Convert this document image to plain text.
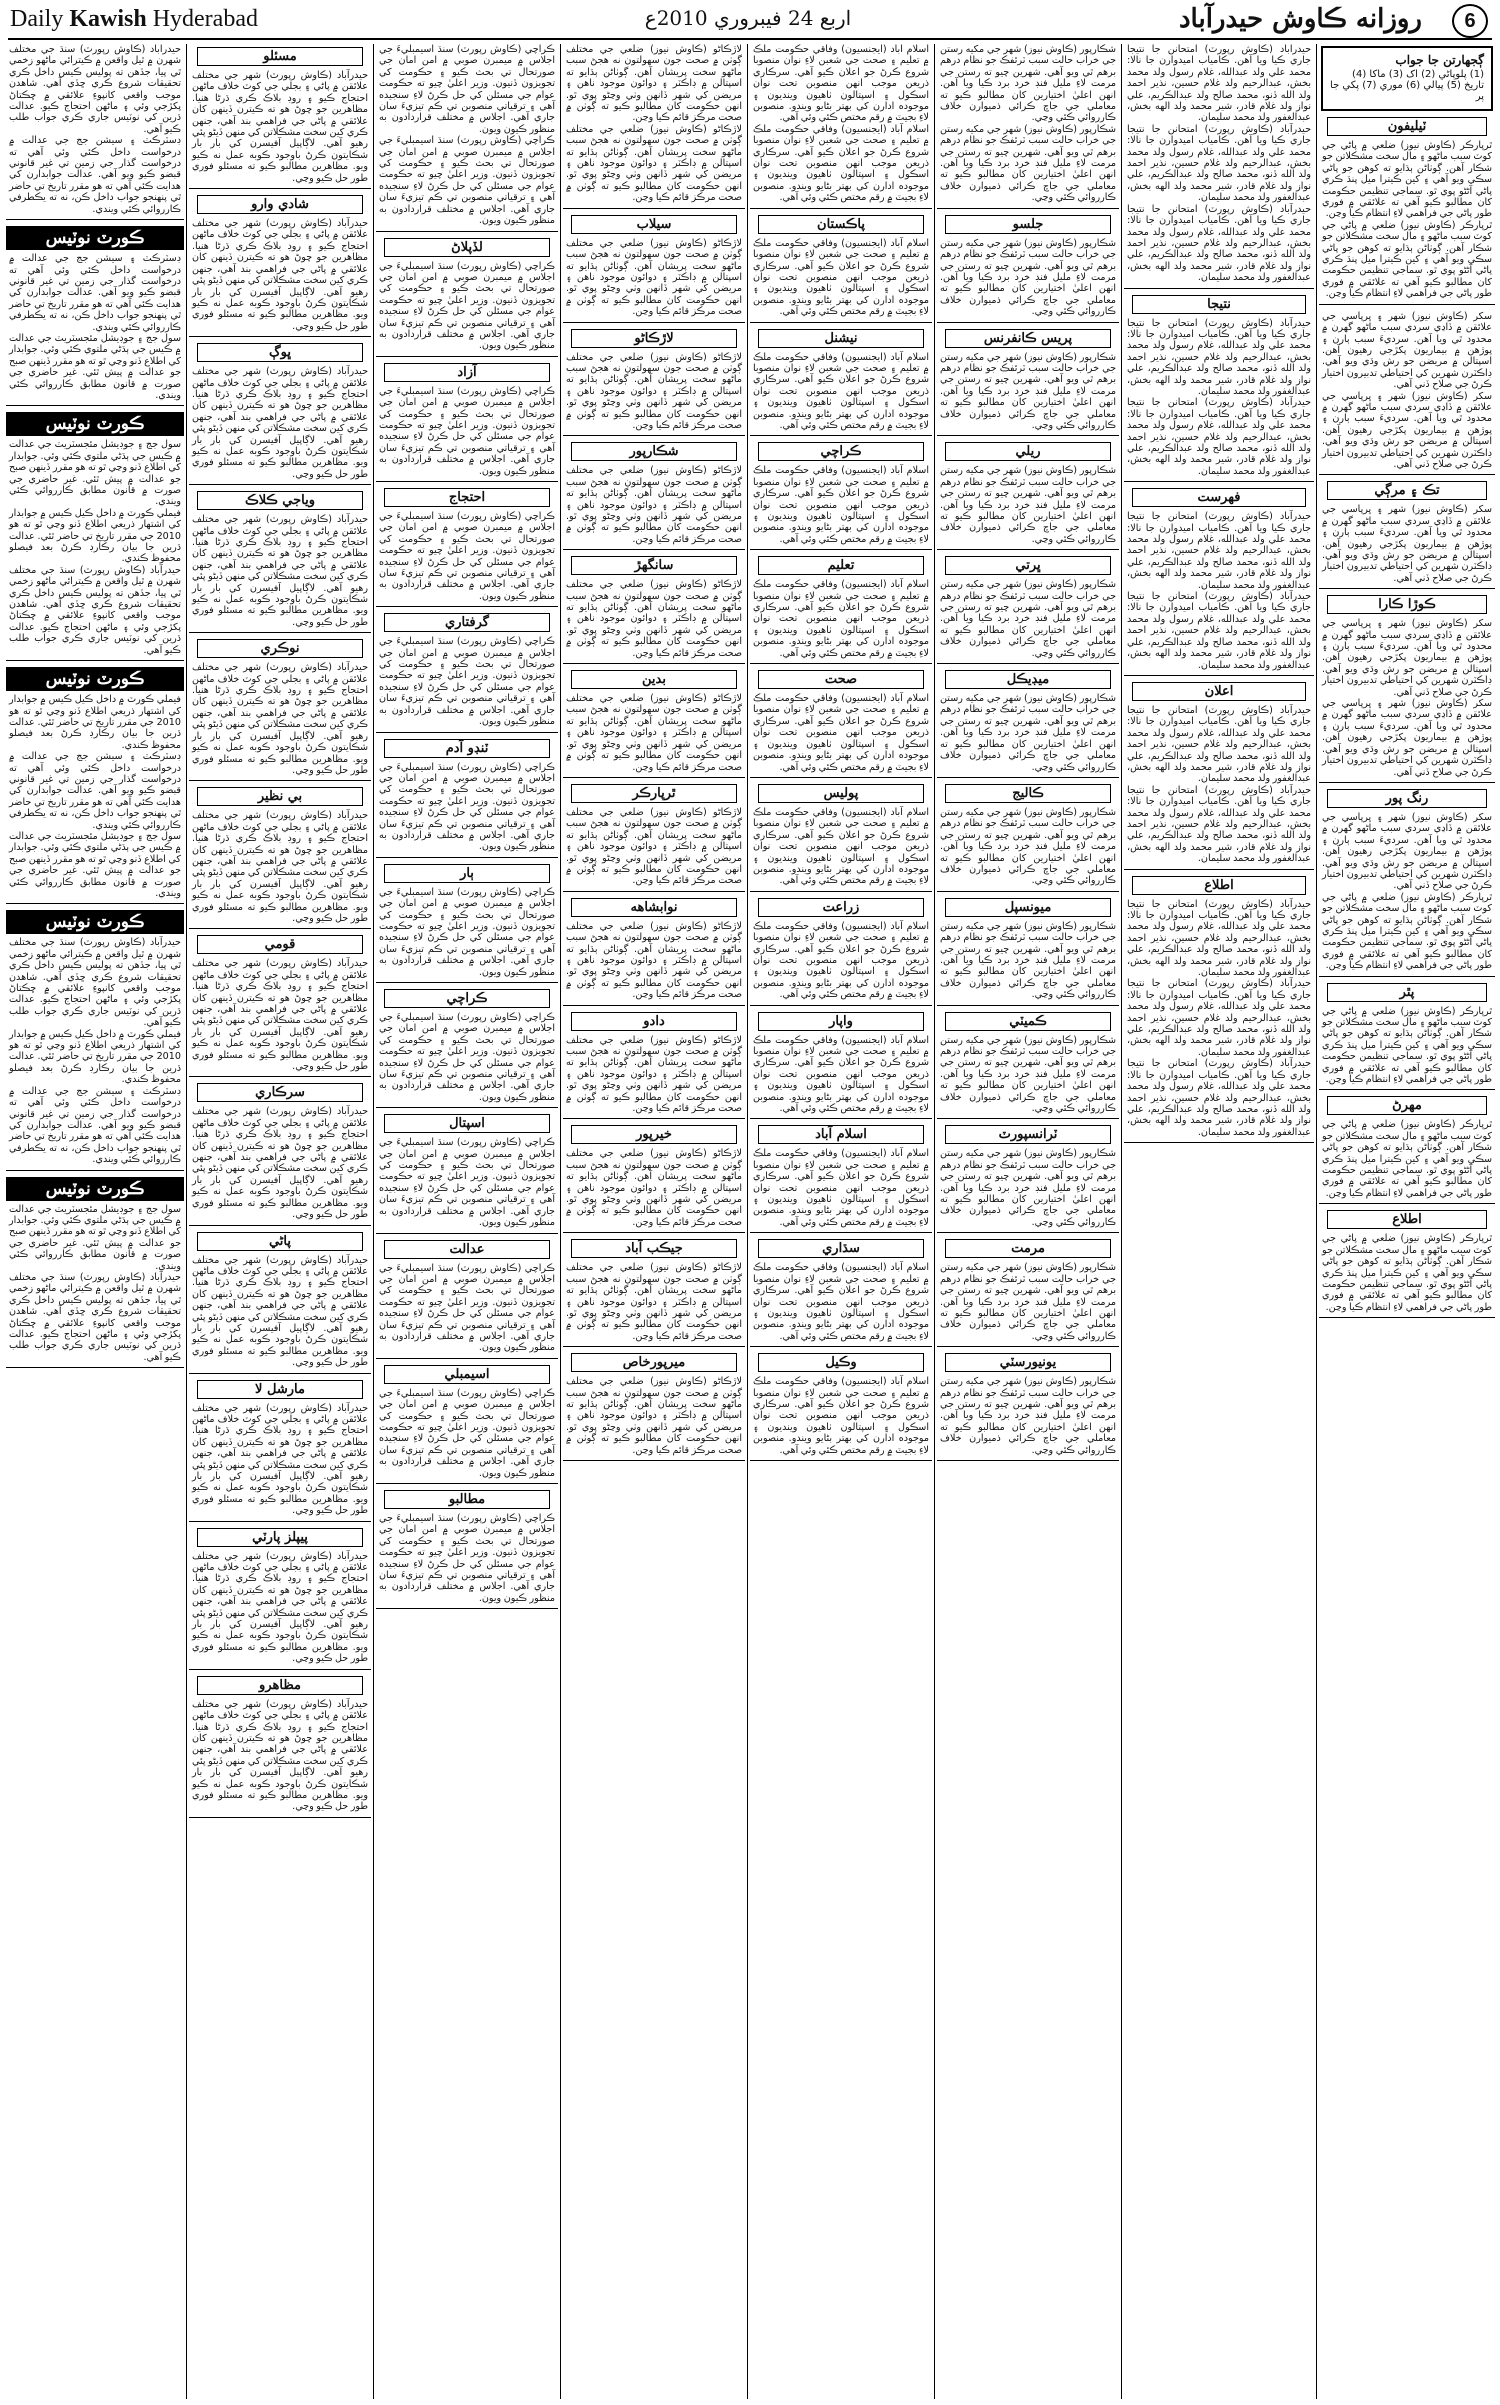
Daily Kawish Hyderabad	اربع 24 فيبروري 2010ع	روزانه ڪاوش حيدرآباد	6
حيدرآباد (ڪاوش رپورٽ) سنڌ جي مختلف شهرن ۾ ٿيل واقعن ۾ ڪيترائي ماڻهو زخمي ٿي پيا، جڏهن ته پوليس ڪيس داخل ڪري تحقيقات شروع ڪري ڇڏي آهي. شاهدن موجب واقعي کانپوءِ علائقي ۾ ڇڪتاڻ پکڙجي وئي ۽ ماڻهن احتجاج ڪيو. عدالت ڌرين کي نوٽيس جاري ڪري جواب طلب ڪيو آهي.
ڊسٽرڪٽ ۽ سيشن جج جي عدالت ۾ درخواست داخل ڪئي وئي آهي ته درخواست گذار جي زمين تي غير قانوني قبضو ڪيو ويو آهي. عدالت جوابدارن کي هدايت ڪئي آهي ته هو مقرر تاريخ تي حاضر ٿي پنهنجو جواب داخل ڪن، نه ته يڪطرفي ڪارروائي ڪئي ويندي.
ڪورٽ نوٽيس
ڊسٽرڪٽ ۽ سيشن جج جي عدالت ۾ درخواست داخل ڪئي وئي آهي ته درخواست گذار جي زمين تي غير قانوني قبضو ڪيو ويو آهي. عدالت جوابدارن کي هدايت ڪئي آهي ته هو مقرر تاريخ تي حاضر ٿي پنهنجو جواب داخل ڪن، نه ته يڪطرفي ڪارروائي ڪئي ويندي.
سول جج ۽ جوڊيشل مئجسٽريٽ جي عدالت ۾ ڪيس جي ٻڌڻي ملتوي ڪئي وئي. جوابدار کي اطلاع ڏنو وڃي ٿو ته هو مقرر ڏينهن صبح جو عدالت ۾ پيش ٿئي. غير حاضري جي صورت ۾ قانون مطابق ڪارروائي ڪئي ويندي.
ڪورٽ نوٽيس
سول جج ۽ جوڊيشل مئجسٽريٽ جي عدالت ۾ ڪيس جي ٻڌڻي ملتوي ڪئي وئي. جوابدار کي اطلاع ڏنو وڃي ٿو ته هو مقرر ڏينهن صبح جو عدالت ۾ پيش ٿئي. غير حاضري جي صورت ۾ قانون مطابق ڪارروائي ڪئي ويندي.
فيملي ڪورٽ ۾ داخل ڪيل ڪيس ۾ جوابدار کي اشتهار ذريعي اطلاع ڏنو وڃي ٿو ته هو 2010 جي مقرر تاريخ تي حاضر ٿئي. عدالت ڌرين جا بيان رڪارڊ ڪرڻ بعد فيصلو محفوظ ڪندي.
حيدرآباد (ڪاوش رپورٽ) سنڌ جي مختلف شهرن ۾ ٿيل واقعن ۾ ڪيترائي ماڻهو زخمي ٿي پيا، جڏهن ته پوليس ڪيس داخل ڪري تحقيقات شروع ڪري ڇڏي آهي. شاهدن موجب واقعي کانپوءِ علائقي ۾ ڇڪتاڻ پکڙجي وئي ۽ ماڻهن احتجاج ڪيو. عدالت ڌرين کي نوٽيس جاري ڪري جواب طلب ڪيو آهي.
ڪورٽ نوٽيس
فيملي ڪورٽ ۾ داخل ڪيل ڪيس ۾ جوابدار کي اشتهار ذريعي اطلاع ڏنو وڃي ٿو ته هو 2010 جي مقرر تاريخ تي حاضر ٿئي. عدالت ڌرين جا بيان رڪارڊ ڪرڻ بعد فيصلو محفوظ ڪندي.
ڊسٽرڪٽ ۽ سيشن جج جي عدالت ۾ درخواست داخل ڪئي وئي آهي ته درخواست گذار جي زمين تي غير قانوني قبضو ڪيو ويو آهي. عدالت جوابدارن کي هدايت ڪئي آهي ته هو مقرر تاريخ تي حاضر ٿي پنهنجو جواب داخل ڪن، نه ته يڪطرفي ڪارروائي ڪئي ويندي.
سول جج ۽ جوڊيشل مئجسٽريٽ جي عدالت ۾ ڪيس جي ٻڌڻي ملتوي ڪئي وئي. جوابدار کي اطلاع ڏنو وڃي ٿو ته هو مقرر ڏينهن صبح جو عدالت ۾ پيش ٿئي. غير حاضري جي صورت ۾ قانون مطابق ڪارروائي ڪئي ويندي.
ڪورٽ نوٽيس
حيدرآباد (ڪاوش رپورٽ) سنڌ جي مختلف شهرن ۾ ٿيل واقعن ۾ ڪيترائي ماڻهو زخمي ٿي پيا، جڏهن ته پوليس ڪيس داخل ڪري تحقيقات شروع ڪري ڇڏي آهي. شاهدن موجب واقعي کانپوءِ علائقي ۾ ڇڪتاڻ پکڙجي وئي ۽ ماڻهن احتجاج ڪيو. عدالت ڌرين کي نوٽيس جاري ڪري جواب طلب ڪيو آهي.
فيملي ڪورٽ ۾ داخل ڪيل ڪيس ۾ جوابدار کي اشتهار ذريعي اطلاع ڏنو وڃي ٿو ته هو 2010 جي مقرر تاريخ تي حاضر ٿئي. عدالت ڌرين جا بيان رڪارڊ ڪرڻ بعد فيصلو محفوظ ڪندي.
ڊسٽرڪٽ ۽ سيشن جج جي عدالت ۾ درخواست داخل ڪئي وئي آهي ته درخواست گذار جي زمين تي غير قانوني قبضو ڪيو ويو آهي. عدالت جوابدارن کي هدايت ڪئي آهي ته هو مقرر تاريخ تي حاضر ٿي پنهنجو جواب داخل ڪن، نه ته يڪطرفي ڪارروائي ڪئي ويندي.
ڪورٽ نوٽيس
سول جج ۽ جوڊيشل مئجسٽريٽ جي عدالت ۾ ڪيس جي ٻڌڻي ملتوي ڪئي وئي. جوابدار کي اطلاع ڏنو وڃي ٿو ته هو مقرر ڏينهن صبح جو عدالت ۾ پيش ٿئي. غير حاضري جي صورت ۾ قانون مطابق ڪارروائي ڪئي ويندي.
حيدرآباد (ڪاوش رپورٽ) سنڌ جي مختلف شهرن ۾ ٿيل واقعن ۾ ڪيترائي ماڻهو زخمي ٿي پيا، جڏهن ته پوليس ڪيس داخل ڪري تحقيقات شروع ڪري ڇڏي آهي. شاهدن موجب واقعي کانپوءِ علائقي ۾ ڇڪتاڻ پکڙجي وئي ۽ ماڻهن احتجاج ڪيو. عدالت ڌرين کي نوٽيس جاري ڪري جواب طلب ڪيو آهي.
مسئلو
حيدرآباد (ڪاوش رپورٽ) شهر جي مختلف علائقن ۾ پاڻي ۽ بجلي جي کوٽ خلاف ماڻهن احتجاج ڪيو ۽ روڊ بلاڪ ڪري ڌرڻا هنيا. مظاهرين جو چوڻ هو ته ڪيترن ڏينهن کان علائقي ۾ پاڻي جي فراهمي بند آهي، جنهن ڪري کين سخت مشڪلاتن کي منهن ڏيڻو پئي رهيو آهي. لاڳاپيل آفيسرن کي بار بار شڪايتون ڪرڻ باوجود ڪوبه عمل نه ڪيو ويو. مظاهرين مطالبو ڪيو ته مسئلو فوري طور حل ڪيو وڃي.
شادي وارو
حيدرآباد (ڪاوش رپورٽ) شهر جي مختلف علائقن ۾ پاڻي ۽ بجلي جي کوٽ خلاف ماڻهن احتجاج ڪيو ۽ روڊ بلاڪ ڪري ڌرڻا هنيا. مظاهرين جو چوڻ هو ته ڪيترن ڏينهن کان علائقي ۾ پاڻي جي فراهمي بند آهي، جنهن ڪري کين سخت مشڪلاتن کي منهن ڏيڻو پئي رهيو آهي. لاڳاپيل آفيسرن کي بار بار شڪايتون ڪرڻ باوجود ڪوبه عمل نه ڪيو ويو. مظاهرين مطالبو ڪيو ته مسئلو فوري طور حل ڪيو وڃي.
ڀوڳ
حيدرآباد (ڪاوش رپورٽ) شهر جي مختلف علائقن ۾ پاڻي ۽ بجلي جي کوٽ خلاف ماڻهن احتجاج ڪيو ۽ روڊ بلاڪ ڪري ڌرڻا هنيا. مظاهرين جو چوڻ هو ته ڪيترن ڏينهن کان علائقي ۾ پاڻي جي فراهمي بند آهي، جنهن ڪري کين سخت مشڪلاتن کي منهن ڏيڻو پئي رهيو آهي. لاڳاپيل آفيسرن کي بار بار شڪايتون ڪرڻ باوجود ڪوبه عمل نه ڪيو ويو. مظاهرين مطالبو ڪيو ته مسئلو فوري طور حل ڪيو وڃي.
وياجي ڪلاڪ
حيدرآباد (ڪاوش رپورٽ) شهر جي مختلف علائقن ۾ پاڻي ۽ بجلي جي کوٽ خلاف ماڻهن احتجاج ڪيو ۽ روڊ بلاڪ ڪري ڌرڻا هنيا. مظاهرين جو چوڻ هو ته ڪيترن ڏينهن کان علائقي ۾ پاڻي جي فراهمي بند آهي، جنهن ڪري کين سخت مشڪلاتن کي منهن ڏيڻو پئي رهيو آهي. لاڳاپيل آفيسرن کي بار بار شڪايتون ڪرڻ باوجود ڪوبه عمل نه ڪيو ويو. مظاهرين مطالبو ڪيو ته مسئلو فوري طور حل ڪيو وڃي.
نوڪري
حيدرآباد (ڪاوش رپورٽ) شهر جي مختلف علائقن ۾ پاڻي ۽ بجلي جي کوٽ خلاف ماڻهن احتجاج ڪيو ۽ روڊ بلاڪ ڪري ڌرڻا هنيا. مظاهرين جو چوڻ هو ته ڪيترن ڏينهن کان علائقي ۾ پاڻي جي فراهمي بند آهي، جنهن ڪري کين سخت مشڪلاتن کي منهن ڏيڻو پئي رهيو آهي. لاڳاپيل آفيسرن کي بار بار شڪايتون ڪرڻ باوجود ڪوبه عمل نه ڪيو ويو. مظاهرين مطالبو ڪيو ته مسئلو فوري طور حل ڪيو وڃي.
بي نظير
حيدرآباد (ڪاوش رپورٽ) شهر جي مختلف علائقن ۾ پاڻي ۽ بجلي جي کوٽ خلاف ماڻهن احتجاج ڪيو ۽ روڊ بلاڪ ڪري ڌرڻا هنيا. مظاهرين جو چوڻ هو ته ڪيترن ڏينهن کان علائقي ۾ پاڻي جي فراهمي بند آهي، جنهن ڪري کين سخت مشڪلاتن کي منهن ڏيڻو پئي رهيو آهي. لاڳاپيل آفيسرن کي بار بار شڪايتون ڪرڻ باوجود ڪوبه عمل نه ڪيو ويو. مظاهرين مطالبو ڪيو ته مسئلو فوري طور حل ڪيو وڃي.
قومي
حيدرآباد (ڪاوش رپورٽ) شهر جي مختلف علائقن ۾ پاڻي ۽ بجلي جي کوٽ خلاف ماڻهن احتجاج ڪيو ۽ روڊ بلاڪ ڪري ڌرڻا هنيا. مظاهرين جو چوڻ هو ته ڪيترن ڏينهن کان علائقي ۾ پاڻي جي فراهمي بند آهي، جنهن ڪري کين سخت مشڪلاتن کي منهن ڏيڻو پئي رهيو آهي. لاڳاپيل آفيسرن کي بار بار شڪايتون ڪرڻ باوجود ڪوبه عمل نه ڪيو ويو. مظاهرين مطالبو ڪيو ته مسئلو فوري طور حل ڪيو وڃي.
سرڪاري
حيدرآباد (ڪاوش رپورٽ) شهر جي مختلف علائقن ۾ پاڻي ۽ بجلي جي کوٽ خلاف ماڻهن احتجاج ڪيو ۽ روڊ بلاڪ ڪري ڌرڻا هنيا. مظاهرين جو چوڻ هو ته ڪيترن ڏينهن کان علائقي ۾ پاڻي جي فراهمي بند آهي، جنهن ڪري کين سخت مشڪلاتن کي منهن ڏيڻو پئي رهيو آهي. لاڳاپيل آفيسرن کي بار بار شڪايتون ڪرڻ باوجود ڪوبه عمل نه ڪيو ويو. مظاهرين مطالبو ڪيو ته مسئلو فوري طور حل ڪيو وڃي.
پاڻي
حيدرآباد (ڪاوش رپورٽ) شهر جي مختلف علائقن ۾ پاڻي ۽ بجلي جي کوٽ خلاف ماڻهن احتجاج ڪيو ۽ روڊ بلاڪ ڪري ڌرڻا هنيا. مظاهرين جو چوڻ هو ته ڪيترن ڏينهن کان علائقي ۾ پاڻي جي فراهمي بند آهي، جنهن ڪري کين سخت مشڪلاتن کي منهن ڏيڻو پئي رهيو آهي. لاڳاپيل آفيسرن کي بار بار شڪايتون ڪرڻ باوجود ڪوبه عمل نه ڪيو ويو. مظاهرين مطالبو ڪيو ته مسئلو فوري طور حل ڪيو وڃي.
مارشل لا
حيدرآباد (ڪاوش رپورٽ) شهر جي مختلف علائقن ۾ پاڻي ۽ بجلي جي کوٽ خلاف ماڻهن احتجاج ڪيو ۽ روڊ بلاڪ ڪري ڌرڻا هنيا. مظاهرين جو چوڻ هو ته ڪيترن ڏينهن کان علائقي ۾ پاڻي جي فراهمي بند آهي، جنهن ڪري کين سخت مشڪلاتن کي منهن ڏيڻو پئي رهيو آهي. لاڳاپيل آفيسرن کي بار بار شڪايتون ڪرڻ باوجود ڪوبه عمل نه ڪيو ويو. مظاهرين مطالبو ڪيو ته مسئلو فوري طور حل ڪيو وڃي.
پيپلز پارٽي
حيدرآباد (ڪاوش رپورٽ) شهر جي مختلف علائقن ۾ پاڻي ۽ بجلي جي کوٽ خلاف ماڻهن احتجاج ڪيو ۽ روڊ بلاڪ ڪري ڌرڻا هنيا. مظاهرين جو چوڻ هو ته ڪيترن ڏينهن کان علائقي ۾ پاڻي جي فراهمي بند آهي، جنهن ڪري کين سخت مشڪلاتن کي منهن ڏيڻو پئي رهيو آهي. لاڳاپيل آفيسرن کي بار بار شڪايتون ڪرڻ باوجود ڪوبه عمل نه ڪيو ويو. مظاهرين مطالبو ڪيو ته مسئلو فوري طور حل ڪيو وڃي.
مظاهرو
حيدرآباد (ڪاوش رپورٽ) شهر جي مختلف علائقن ۾ پاڻي ۽ بجلي جي کوٽ خلاف ماڻهن احتجاج ڪيو ۽ روڊ بلاڪ ڪري ڌرڻا هنيا. مظاهرين جو چوڻ هو ته ڪيترن ڏينهن کان علائقي ۾ پاڻي جي فراهمي بند آهي، جنهن ڪري کين سخت مشڪلاتن کي منهن ڏيڻو پئي رهيو آهي. لاڳاپيل آفيسرن کي بار بار شڪايتون ڪرڻ باوجود ڪوبه عمل نه ڪيو ويو. مظاهرين مطالبو ڪيو ته مسئلو فوري طور حل ڪيو وڃي.
ڪراچي (ڪاوش رپورٽ) سنڌ اسيمبليءَ جي اجلاس ۾ ميمبرن صوبي ۾ امن امان جي صورتحال تي بحث ڪيو ۽ حڪومت کي تجويزون ڏنيون. وزير اعليٰ چيو ته حڪومت عوام جي مسئلن کي حل ڪرڻ لاءِ سنجيده آهي ۽ ترقياتي منصوبن تي ڪم تيزيءَ سان جاري آهي. اجلاس ۾ مختلف قراردادون به منظور ڪيون ويون.
ڪراچي (ڪاوش رپورٽ) سنڌ اسيمبليءَ جي اجلاس ۾ ميمبرن صوبي ۾ امن امان جي صورتحال تي بحث ڪيو ۽ حڪومت کي تجويزون ڏنيون. وزير اعليٰ چيو ته حڪومت عوام جي مسئلن کي حل ڪرڻ لاءِ سنجيده آهي ۽ ترقياتي منصوبن تي ڪم تيزيءَ سان جاري آهي. اجلاس ۾ مختلف قراردادون به منظور ڪيون ويون.
لڏپلاڻ
ڪراچي (ڪاوش رپورٽ) سنڌ اسيمبليءَ جي اجلاس ۾ ميمبرن صوبي ۾ امن امان جي صورتحال تي بحث ڪيو ۽ حڪومت کي تجويزون ڏنيون. وزير اعليٰ چيو ته حڪومت عوام جي مسئلن کي حل ڪرڻ لاءِ سنجيده آهي ۽ ترقياتي منصوبن تي ڪم تيزيءَ سان جاري آهي. اجلاس ۾ مختلف قراردادون به منظور ڪيون ويون.
آزاد
ڪراچي (ڪاوش رپورٽ) سنڌ اسيمبليءَ جي اجلاس ۾ ميمبرن صوبي ۾ امن امان جي صورتحال تي بحث ڪيو ۽ حڪومت کي تجويزون ڏنيون. وزير اعليٰ چيو ته حڪومت عوام جي مسئلن کي حل ڪرڻ لاءِ سنجيده آهي ۽ ترقياتي منصوبن تي ڪم تيزيءَ سان جاري آهي. اجلاس ۾ مختلف قراردادون به منظور ڪيون ويون.
احتجاج
ڪراچي (ڪاوش رپورٽ) سنڌ اسيمبليءَ جي اجلاس ۾ ميمبرن صوبي ۾ امن امان جي صورتحال تي بحث ڪيو ۽ حڪومت کي تجويزون ڏنيون. وزير اعليٰ چيو ته حڪومت عوام جي مسئلن کي حل ڪرڻ لاءِ سنجيده آهي ۽ ترقياتي منصوبن تي ڪم تيزيءَ سان جاري آهي. اجلاس ۾ مختلف قراردادون به منظور ڪيون ويون.
گرفتاري
ڪراچي (ڪاوش رپورٽ) سنڌ اسيمبليءَ جي اجلاس ۾ ميمبرن صوبي ۾ امن امان جي صورتحال تي بحث ڪيو ۽ حڪومت کي تجويزون ڏنيون. وزير اعليٰ چيو ته حڪومت عوام جي مسئلن کي حل ڪرڻ لاءِ سنجيده آهي ۽ ترقياتي منصوبن تي ڪم تيزيءَ سان جاري آهي. اجلاس ۾ مختلف قراردادون به منظور ڪيون ويون.
ٽنڊو آدم
ڪراچي (ڪاوش رپورٽ) سنڌ اسيمبليءَ جي اجلاس ۾ ميمبرن صوبي ۾ امن امان جي صورتحال تي بحث ڪيو ۽ حڪومت کي تجويزون ڏنيون. وزير اعليٰ چيو ته حڪومت عوام جي مسئلن کي حل ڪرڻ لاءِ سنجيده آهي ۽ ترقياتي منصوبن تي ڪم تيزيءَ سان جاري آهي. اجلاس ۾ مختلف قراردادون به منظور ڪيون ويون.
ٻار
ڪراچي (ڪاوش رپورٽ) سنڌ اسيمبليءَ جي اجلاس ۾ ميمبرن صوبي ۾ امن امان جي صورتحال تي بحث ڪيو ۽ حڪومت کي تجويزون ڏنيون. وزير اعليٰ چيو ته حڪومت عوام جي مسئلن کي حل ڪرڻ لاءِ سنجيده آهي ۽ ترقياتي منصوبن تي ڪم تيزيءَ سان جاري آهي. اجلاس ۾ مختلف قراردادون به منظور ڪيون ويون.
ڪراچي
ڪراچي (ڪاوش رپورٽ) سنڌ اسيمبليءَ جي اجلاس ۾ ميمبرن صوبي ۾ امن امان جي صورتحال تي بحث ڪيو ۽ حڪومت کي تجويزون ڏنيون. وزير اعليٰ چيو ته حڪومت عوام جي مسئلن کي حل ڪرڻ لاءِ سنجيده آهي ۽ ترقياتي منصوبن تي ڪم تيزيءَ سان جاري آهي. اجلاس ۾ مختلف قراردادون به منظور ڪيون ويون.
اسپتال
ڪراچي (ڪاوش رپورٽ) سنڌ اسيمبليءَ جي اجلاس ۾ ميمبرن صوبي ۾ امن امان جي صورتحال تي بحث ڪيو ۽ حڪومت کي تجويزون ڏنيون. وزير اعليٰ چيو ته حڪومت عوام جي مسئلن کي حل ڪرڻ لاءِ سنجيده آهي ۽ ترقياتي منصوبن تي ڪم تيزيءَ سان جاري آهي. اجلاس ۾ مختلف قراردادون به منظور ڪيون ويون.
عدالت
ڪراچي (ڪاوش رپورٽ) سنڌ اسيمبليءَ جي اجلاس ۾ ميمبرن صوبي ۾ امن امان جي صورتحال تي بحث ڪيو ۽ حڪومت کي تجويزون ڏنيون. وزير اعليٰ چيو ته حڪومت عوام جي مسئلن کي حل ڪرڻ لاءِ سنجيده آهي ۽ ترقياتي منصوبن تي ڪم تيزيءَ سان جاري آهي. اجلاس ۾ مختلف قراردادون به منظور ڪيون ويون.
اسيمبلي
ڪراچي (ڪاوش رپورٽ) سنڌ اسيمبليءَ جي اجلاس ۾ ميمبرن صوبي ۾ امن امان جي صورتحال تي بحث ڪيو ۽ حڪومت کي تجويزون ڏنيون. وزير اعليٰ چيو ته حڪومت عوام جي مسئلن کي حل ڪرڻ لاءِ سنجيده آهي ۽ ترقياتي منصوبن تي ڪم تيزيءَ سان جاري آهي. اجلاس ۾ مختلف قراردادون به منظور ڪيون ويون.
مطالبو
ڪراچي (ڪاوش رپورٽ) سنڌ اسيمبليءَ جي اجلاس ۾ ميمبرن صوبي ۾ امن امان جي صورتحال تي بحث ڪيو ۽ حڪومت کي تجويزون ڏنيون. وزير اعليٰ چيو ته حڪومت عوام جي مسئلن کي حل ڪرڻ لاءِ سنجيده آهي ۽ ترقياتي منصوبن تي ڪم تيزيءَ سان جاري آهي. اجلاس ۾ مختلف قراردادون به منظور ڪيون ويون.
لاڙڪاڻو (ڪاوش نيوز) ضلعي جي مختلف ڳوٺن ۾ صحت جون سهولتون نه هجڻ سبب ماڻهو سخت پريشان آهن. ڳوٺاڻن ٻڌايو ته اسپتالن ۾ ڊاڪٽر ۽ دوائون موجود ناهن ۽ مريضن کي شهر ڏانهن وٺي وڃڻو پوي ٿو. انهن حڪومت کان مطالبو ڪيو ته ڳوٺن ۾ صحت مرڪز قائم ڪيا وڃن.
لاڙڪاڻو (ڪاوش نيوز) ضلعي جي مختلف ڳوٺن ۾ صحت جون سهولتون نه هجڻ سبب ماڻهو سخت پريشان آهن. ڳوٺاڻن ٻڌايو ته اسپتالن ۾ ڊاڪٽر ۽ دوائون موجود ناهن ۽ مريضن کي شهر ڏانهن وٺي وڃڻو پوي ٿو. انهن حڪومت کان مطالبو ڪيو ته ڳوٺن ۾ صحت مرڪز قائم ڪيا وڃن.
سيلاب
لاڙڪاڻو (ڪاوش نيوز) ضلعي جي مختلف ڳوٺن ۾ صحت جون سهولتون نه هجڻ سبب ماڻهو سخت پريشان آهن. ڳوٺاڻن ٻڌايو ته اسپتالن ۾ ڊاڪٽر ۽ دوائون موجود ناهن ۽ مريضن کي شهر ڏانهن وٺي وڃڻو پوي ٿو. انهن حڪومت کان مطالبو ڪيو ته ڳوٺن ۾ صحت مرڪز قائم ڪيا وڃن.
لاڙڪاڻو
لاڙڪاڻو (ڪاوش نيوز) ضلعي جي مختلف ڳوٺن ۾ صحت جون سهولتون نه هجڻ سبب ماڻهو سخت پريشان آهن. ڳوٺاڻن ٻڌايو ته اسپتالن ۾ ڊاڪٽر ۽ دوائون موجود ناهن ۽ مريضن کي شهر ڏانهن وٺي وڃڻو پوي ٿو. انهن حڪومت کان مطالبو ڪيو ته ڳوٺن ۾ صحت مرڪز قائم ڪيا وڃن.
شڪارپور
لاڙڪاڻو (ڪاوش نيوز) ضلعي جي مختلف ڳوٺن ۾ صحت جون سهولتون نه هجڻ سبب ماڻهو سخت پريشان آهن. ڳوٺاڻن ٻڌايو ته اسپتالن ۾ ڊاڪٽر ۽ دوائون موجود ناهن ۽ مريضن کي شهر ڏانهن وٺي وڃڻو پوي ٿو. انهن حڪومت کان مطالبو ڪيو ته ڳوٺن ۾ صحت مرڪز قائم ڪيا وڃن.
سانگهڙ
لاڙڪاڻو (ڪاوش نيوز) ضلعي جي مختلف ڳوٺن ۾ صحت جون سهولتون نه هجڻ سبب ماڻهو سخت پريشان آهن. ڳوٺاڻن ٻڌايو ته اسپتالن ۾ ڊاڪٽر ۽ دوائون موجود ناهن ۽ مريضن کي شهر ڏانهن وٺي وڃڻو پوي ٿو. انهن حڪومت کان مطالبو ڪيو ته ڳوٺن ۾ صحت مرڪز قائم ڪيا وڃن.
بدين
لاڙڪاڻو (ڪاوش نيوز) ضلعي جي مختلف ڳوٺن ۾ صحت جون سهولتون نه هجڻ سبب ماڻهو سخت پريشان آهن. ڳوٺاڻن ٻڌايو ته اسپتالن ۾ ڊاڪٽر ۽ دوائون موجود ناهن ۽ مريضن کي شهر ڏانهن وٺي وڃڻو پوي ٿو. انهن حڪومت کان مطالبو ڪيو ته ڳوٺن ۾ صحت مرڪز قائم ڪيا وڃن.
ٿرپارڪر
لاڙڪاڻو (ڪاوش نيوز) ضلعي جي مختلف ڳوٺن ۾ صحت جون سهولتون نه هجڻ سبب ماڻهو سخت پريشان آهن. ڳوٺاڻن ٻڌايو ته اسپتالن ۾ ڊاڪٽر ۽ دوائون موجود ناهن ۽ مريضن کي شهر ڏانهن وٺي وڃڻو پوي ٿو. انهن حڪومت کان مطالبو ڪيو ته ڳوٺن ۾ صحت مرڪز قائم ڪيا وڃن.
نوابشاهه
لاڙڪاڻو (ڪاوش نيوز) ضلعي جي مختلف ڳوٺن ۾ صحت جون سهولتون نه هجڻ سبب ماڻهو سخت پريشان آهن. ڳوٺاڻن ٻڌايو ته اسپتالن ۾ ڊاڪٽر ۽ دوائون موجود ناهن ۽ مريضن کي شهر ڏانهن وٺي وڃڻو پوي ٿو. انهن حڪومت کان مطالبو ڪيو ته ڳوٺن ۾ صحت مرڪز قائم ڪيا وڃن.
دادو
لاڙڪاڻو (ڪاوش نيوز) ضلعي جي مختلف ڳوٺن ۾ صحت جون سهولتون نه هجڻ سبب ماڻهو سخت پريشان آهن. ڳوٺاڻن ٻڌايو ته اسپتالن ۾ ڊاڪٽر ۽ دوائون موجود ناهن ۽ مريضن کي شهر ڏانهن وٺي وڃڻو پوي ٿو. انهن حڪومت کان مطالبو ڪيو ته ڳوٺن ۾ صحت مرڪز قائم ڪيا وڃن.
خيرپور
لاڙڪاڻو (ڪاوش نيوز) ضلعي جي مختلف ڳوٺن ۾ صحت جون سهولتون نه هجڻ سبب ماڻهو سخت پريشان آهن. ڳوٺاڻن ٻڌايو ته اسپتالن ۾ ڊاڪٽر ۽ دوائون موجود ناهن ۽ مريضن کي شهر ڏانهن وٺي وڃڻو پوي ٿو. انهن حڪومت کان مطالبو ڪيو ته ڳوٺن ۾ صحت مرڪز قائم ڪيا وڃن.
جيڪب آباد
لاڙڪاڻو (ڪاوش نيوز) ضلعي جي مختلف ڳوٺن ۾ صحت جون سهولتون نه هجڻ سبب ماڻهو سخت پريشان آهن. ڳوٺاڻن ٻڌايو ته اسپتالن ۾ ڊاڪٽر ۽ دوائون موجود ناهن ۽ مريضن کي شهر ڏانهن وٺي وڃڻو پوي ٿو. انهن حڪومت کان مطالبو ڪيو ته ڳوٺن ۾ صحت مرڪز قائم ڪيا وڃن.
ميرپورخاص
لاڙڪاڻو (ڪاوش نيوز) ضلعي جي مختلف ڳوٺن ۾ صحت جون سهولتون نه هجڻ سبب ماڻهو سخت پريشان آهن. ڳوٺاڻن ٻڌايو ته اسپتالن ۾ ڊاڪٽر ۽ دوائون موجود ناهن ۽ مريضن کي شهر ڏانهن وٺي وڃڻو پوي ٿو. انهن حڪومت کان مطالبو ڪيو ته ڳوٺن ۾ صحت مرڪز قائم ڪيا وڃن.
اسلام آباد (ايجنسيون) وفاقي حڪومت ملڪ ۾ تعليم ۽ صحت جي شعبن لاءِ نوان منصوبا شروع ڪرڻ جو اعلان ڪيو آهي. سرڪاري ذريعن موجب انهن منصوبن تحت نوان اسڪول ۽ اسپتالون ٺاهيون وينديون ۽ موجوده ادارن کي بهتر بڻايو ويندو. منصوبن لاءِ بجيٽ ۾ رقم مختص ڪئي وئي آهي.
اسلام آباد (ايجنسيون) وفاقي حڪومت ملڪ ۾ تعليم ۽ صحت جي شعبن لاءِ نوان منصوبا شروع ڪرڻ جو اعلان ڪيو آهي. سرڪاري ذريعن موجب انهن منصوبن تحت نوان اسڪول ۽ اسپتالون ٺاهيون وينديون ۽ موجوده ادارن کي بهتر بڻايو ويندو. منصوبن لاءِ بجيٽ ۾ رقم مختص ڪئي وئي آهي.
پاڪستان
اسلام آباد (ايجنسيون) وفاقي حڪومت ملڪ ۾ تعليم ۽ صحت جي شعبن لاءِ نوان منصوبا شروع ڪرڻ جو اعلان ڪيو آهي. سرڪاري ذريعن موجب انهن منصوبن تحت نوان اسڪول ۽ اسپتالون ٺاهيون وينديون ۽ موجوده ادارن کي بهتر بڻايو ويندو. منصوبن لاءِ بجيٽ ۾ رقم مختص ڪئي وئي آهي.
نيشنل
اسلام آباد (ايجنسيون) وفاقي حڪومت ملڪ ۾ تعليم ۽ صحت جي شعبن لاءِ نوان منصوبا شروع ڪرڻ جو اعلان ڪيو آهي. سرڪاري ذريعن موجب انهن منصوبن تحت نوان اسڪول ۽ اسپتالون ٺاهيون وينديون ۽ موجوده ادارن کي بهتر بڻايو ويندو. منصوبن لاءِ بجيٽ ۾ رقم مختص ڪئي وئي آهي.
ڪراچي
اسلام آباد (ايجنسيون) وفاقي حڪومت ملڪ ۾ تعليم ۽ صحت جي شعبن لاءِ نوان منصوبا شروع ڪرڻ جو اعلان ڪيو آهي. سرڪاري ذريعن موجب انهن منصوبن تحت نوان اسڪول ۽ اسپتالون ٺاهيون وينديون ۽ موجوده ادارن کي بهتر بڻايو ويندو. منصوبن لاءِ بجيٽ ۾ رقم مختص ڪئي وئي آهي.
تعليم
اسلام آباد (ايجنسيون) وفاقي حڪومت ملڪ ۾ تعليم ۽ صحت جي شعبن لاءِ نوان منصوبا شروع ڪرڻ جو اعلان ڪيو آهي. سرڪاري ذريعن موجب انهن منصوبن تحت نوان اسڪول ۽ اسپتالون ٺاهيون وينديون ۽ موجوده ادارن کي بهتر بڻايو ويندو. منصوبن لاءِ بجيٽ ۾ رقم مختص ڪئي وئي آهي.
صحت
اسلام آباد (ايجنسيون) وفاقي حڪومت ملڪ ۾ تعليم ۽ صحت جي شعبن لاءِ نوان منصوبا شروع ڪرڻ جو اعلان ڪيو آهي. سرڪاري ذريعن موجب انهن منصوبن تحت نوان اسڪول ۽ اسپتالون ٺاهيون وينديون ۽ موجوده ادارن کي بهتر بڻايو ويندو. منصوبن لاءِ بجيٽ ۾ رقم مختص ڪئي وئي آهي.
پوليس
اسلام آباد (ايجنسيون) وفاقي حڪومت ملڪ ۾ تعليم ۽ صحت جي شعبن لاءِ نوان منصوبا شروع ڪرڻ جو اعلان ڪيو آهي. سرڪاري ذريعن موجب انهن منصوبن تحت نوان اسڪول ۽ اسپتالون ٺاهيون وينديون ۽ موجوده ادارن کي بهتر بڻايو ويندو. منصوبن لاءِ بجيٽ ۾ رقم مختص ڪئي وئي آهي.
زراعت
اسلام آباد (ايجنسيون) وفاقي حڪومت ملڪ ۾ تعليم ۽ صحت جي شعبن لاءِ نوان منصوبا شروع ڪرڻ جو اعلان ڪيو آهي. سرڪاري ذريعن موجب انهن منصوبن تحت نوان اسڪول ۽ اسپتالون ٺاهيون وينديون ۽ موجوده ادارن کي بهتر بڻايو ويندو. منصوبن لاءِ بجيٽ ۾ رقم مختص ڪئي وئي آهي.
واپار
اسلام آباد (ايجنسيون) وفاقي حڪومت ملڪ ۾ تعليم ۽ صحت جي شعبن لاءِ نوان منصوبا شروع ڪرڻ جو اعلان ڪيو آهي. سرڪاري ذريعن موجب انهن منصوبن تحت نوان اسڪول ۽ اسپتالون ٺاهيون وينديون ۽ موجوده ادارن کي بهتر بڻايو ويندو. منصوبن لاءِ بجيٽ ۾ رقم مختص ڪئي وئي آهي.
اسلام آباد
اسلام آباد (ايجنسيون) وفاقي حڪومت ملڪ ۾ تعليم ۽ صحت جي شعبن لاءِ نوان منصوبا شروع ڪرڻ جو اعلان ڪيو آهي. سرڪاري ذريعن موجب انهن منصوبن تحت نوان اسڪول ۽ اسپتالون ٺاهيون وينديون ۽ موجوده ادارن کي بهتر بڻايو ويندو. منصوبن لاءِ بجيٽ ۾ رقم مختص ڪئي وئي آهي.
سڌاري
اسلام آباد (ايجنسيون) وفاقي حڪومت ملڪ ۾ تعليم ۽ صحت جي شعبن لاءِ نوان منصوبا شروع ڪرڻ جو اعلان ڪيو آهي. سرڪاري ذريعن موجب انهن منصوبن تحت نوان اسڪول ۽ اسپتالون ٺاهيون وينديون ۽ موجوده ادارن کي بهتر بڻايو ويندو. منصوبن لاءِ بجيٽ ۾ رقم مختص ڪئي وئي آهي.
وڪيل
اسلام آباد (ايجنسيون) وفاقي حڪومت ملڪ ۾ تعليم ۽ صحت جي شعبن لاءِ نوان منصوبا شروع ڪرڻ جو اعلان ڪيو آهي. سرڪاري ذريعن موجب انهن منصوبن تحت نوان اسڪول ۽ اسپتالون ٺاهيون وينديون ۽ موجوده ادارن کي بهتر بڻايو ويندو. منصوبن لاءِ بجيٽ ۾ رقم مختص ڪئي وئي آهي.
شڪارپور (ڪاوش نيوز) شهر جي مکيه رستن جي خراب حالت سبب ٽرئفڪ جو نظام درهم برهم ٿي ويو آهي. شهرين چيو ته رستن جي مرمت لاءِ مليل فنڊ خرد برد ڪيا ويا آهن. انهن اعليٰ اختيارين کان مطالبو ڪيو ته معاملي جي جاچ ڪرائي ذميوارن خلاف ڪارروائي ڪئي وڃي.
شڪارپور (ڪاوش نيوز) شهر جي مکيه رستن جي خراب حالت سبب ٽرئفڪ جو نظام درهم برهم ٿي ويو آهي. شهرين چيو ته رستن جي مرمت لاءِ مليل فنڊ خرد برد ڪيا ويا آهن. انهن اعليٰ اختيارين کان مطالبو ڪيو ته معاملي جي جاچ ڪرائي ذميوارن خلاف ڪارروائي ڪئي وڃي.
جلسو
شڪارپور (ڪاوش نيوز) شهر جي مکيه رستن جي خراب حالت سبب ٽرئفڪ جو نظام درهم برهم ٿي ويو آهي. شهرين چيو ته رستن جي مرمت لاءِ مليل فنڊ خرد برد ڪيا ويا آهن. انهن اعليٰ اختيارين کان مطالبو ڪيو ته معاملي جي جاچ ڪرائي ذميوارن خلاف ڪارروائي ڪئي وڃي.
پريس ڪانفرنس
شڪارپور (ڪاوش نيوز) شهر جي مکيه رستن جي خراب حالت سبب ٽرئفڪ جو نظام درهم برهم ٿي ويو آهي. شهرين چيو ته رستن جي مرمت لاءِ مليل فنڊ خرد برد ڪيا ويا آهن. انهن اعليٰ اختيارين کان مطالبو ڪيو ته معاملي جي جاچ ڪرائي ذميوارن خلاف ڪارروائي ڪئي وڃي.
ريلي
شڪارپور (ڪاوش نيوز) شهر جي مکيه رستن جي خراب حالت سبب ٽرئفڪ جو نظام درهم برهم ٿي ويو آهي. شهرين چيو ته رستن جي مرمت لاءِ مليل فنڊ خرد برد ڪيا ويا آهن. انهن اعليٰ اختيارين کان مطالبو ڪيو ته معاملي جي جاچ ڪرائي ذميوارن خلاف ڪارروائي ڪئي وڃي.
ڀرتي
شڪارپور (ڪاوش نيوز) شهر جي مکيه رستن جي خراب حالت سبب ٽرئفڪ جو نظام درهم برهم ٿي ويو آهي. شهرين چيو ته رستن جي مرمت لاءِ مليل فنڊ خرد برد ڪيا ويا آهن. انهن اعليٰ اختيارين کان مطالبو ڪيو ته معاملي جي جاچ ڪرائي ذميوارن خلاف ڪارروائي ڪئي وڃي.
ميڊيڪل
شڪارپور (ڪاوش نيوز) شهر جي مکيه رستن جي خراب حالت سبب ٽرئفڪ جو نظام درهم برهم ٿي ويو آهي. شهرين چيو ته رستن جي مرمت لاءِ مليل فنڊ خرد برد ڪيا ويا آهن. انهن اعليٰ اختيارين کان مطالبو ڪيو ته معاملي جي جاچ ڪرائي ذميوارن خلاف ڪارروائي ڪئي وڃي.
ڪاليج
شڪارپور (ڪاوش نيوز) شهر جي مکيه رستن جي خراب حالت سبب ٽرئفڪ جو نظام درهم برهم ٿي ويو آهي. شهرين چيو ته رستن جي مرمت لاءِ مليل فنڊ خرد برد ڪيا ويا آهن. انهن اعليٰ اختيارين کان مطالبو ڪيو ته معاملي جي جاچ ڪرائي ذميوارن خلاف ڪارروائي ڪئي وڃي.
ميونسپل
شڪارپور (ڪاوش نيوز) شهر جي مکيه رستن جي خراب حالت سبب ٽرئفڪ جو نظام درهم برهم ٿي ويو آهي. شهرين چيو ته رستن جي مرمت لاءِ مليل فنڊ خرد برد ڪيا ويا آهن. انهن اعليٰ اختيارين کان مطالبو ڪيو ته معاملي جي جاچ ڪرائي ذميوارن خلاف ڪارروائي ڪئي وڃي.
ڪميٽي
شڪارپور (ڪاوش نيوز) شهر جي مکيه رستن جي خراب حالت سبب ٽرئفڪ جو نظام درهم برهم ٿي ويو آهي. شهرين چيو ته رستن جي مرمت لاءِ مليل فنڊ خرد برد ڪيا ويا آهن. انهن اعليٰ اختيارين کان مطالبو ڪيو ته معاملي جي جاچ ڪرائي ذميوارن خلاف ڪارروائي ڪئي وڃي.
ٽرانسپورٽ
شڪارپور (ڪاوش نيوز) شهر جي مکيه رستن جي خراب حالت سبب ٽرئفڪ جو نظام درهم برهم ٿي ويو آهي. شهرين چيو ته رستن جي مرمت لاءِ مليل فنڊ خرد برد ڪيا ويا آهن. انهن اعليٰ اختيارين کان مطالبو ڪيو ته معاملي جي جاچ ڪرائي ذميوارن خلاف ڪارروائي ڪئي وڃي.
مرمت
شڪارپور (ڪاوش نيوز) شهر جي مکيه رستن جي خراب حالت سبب ٽرئفڪ جو نظام درهم برهم ٿي ويو آهي. شهرين چيو ته رستن جي مرمت لاءِ مليل فنڊ خرد برد ڪيا ويا آهن. انهن اعليٰ اختيارين کان مطالبو ڪيو ته معاملي جي جاچ ڪرائي ذميوارن خلاف ڪارروائي ڪئي وڃي.
يونيورسٽي
شڪارپور (ڪاوش نيوز) شهر جي مکيه رستن جي خراب حالت سبب ٽرئفڪ جو نظام درهم برهم ٿي ويو آهي. شهرين چيو ته رستن جي مرمت لاءِ مليل فنڊ خرد برد ڪيا ويا آهن. انهن اعليٰ اختيارين کان مطالبو ڪيو ته معاملي جي جاچ ڪرائي ذميوارن خلاف ڪارروائي ڪئي وڃي.
حيدرآباد (ڪاوش رپورٽ) امتحانن جا نتيجا جاري ڪيا ويا آهن. ڪامياب اميدوارن جا نالا: محمد علي ولد عبدالله، غلام رسول ولد محمد بخش، عبدالرحيم ولد غلام حسين، نذير احمد ولد الله ڏنو، محمد صالح ولد عبدالڪريم، علي نواز ولد غلام قادر، شير محمد ولد الهه بخش، عبدالغفور ولد محمد سليمان.
حيدرآباد (ڪاوش رپورٽ) امتحانن جا نتيجا جاري ڪيا ويا آهن. ڪامياب اميدوارن جا نالا: محمد علي ولد عبدالله، غلام رسول ولد محمد بخش، عبدالرحيم ولد غلام حسين، نذير احمد ولد الله ڏنو، محمد صالح ولد عبدالڪريم، علي نواز ولد غلام قادر، شير محمد ولد الهه بخش، عبدالغفور ولد محمد سليمان.
حيدرآباد (ڪاوش رپورٽ) امتحانن جا نتيجا جاري ڪيا ويا آهن. ڪامياب اميدوارن جا نالا: محمد علي ولد عبدالله، غلام رسول ولد محمد بخش، عبدالرحيم ولد غلام حسين، نذير احمد ولد الله ڏنو، محمد صالح ولد عبدالڪريم، علي نواز ولد غلام قادر، شير محمد ولد الهه بخش، عبدالغفور ولد محمد سليمان.
نتيجا
حيدرآباد (ڪاوش رپورٽ) امتحانن جا نتيجا جاري ڪيا ويا آهن. ڪامياب اميدوارن جا نالا: محمد علي ولد عبدالله، غلام رسول ولد محمد بخش، عبدالرحيم ولد غلام حسين، نذير احمد ولد الله ڏنو، محمد صالح ولد عبدالڪريم، علي نواز ولد غلام قادر، شير محمد ولد الهه بخش، عبدالغفور ولد محمد سليمان.
حيدرآباد (ڪاوش رپورٽ) امتحانن جا نتيجا جاري ڪيا ويا آهن. ڪامياب اميدوارن جا نالا: محمد علي ولد عبدالله، غلام رسول ولد محمد بخش، عبدالرحيم ولد غلام حسين، نذير احمد ولد الله ڏنو، محمد صالح ولد عبدالڪريم، علي نواز ولد غلام قادر، شير محمد ولد الهه بخش، عبدالغفور ولد محمد سليمان.
فهرست
حيدرآباد (ڪاوش رپورٽ) امتحانن جا نتيجا جاري ڪيا ويا آهن. ڪامياب اميدوارن جا نالا: محمد علي ولد عبدالله، غلام رسول ولد محمد بخش، عبدالرحيم ولد غلام حسين، نذير احمد ولد الله ڏنو، محمد صالح ولد عبدالڪريم، علي نواز ولد غلام قادر، شير محمد ولد الهه بخش، عبدالغفور ولد محمد سليمان.
حيدرآباد (ڪاوش رپورٽ) امتحانن جا نتيجا جاري ڪيا ويا آهن. ڪامياب اميدوارن جا نالا: محمد علي ولد عبدالله، غلام رسول ولد محمد بخش، عبدالرحيم ولد غلام حسين، نذير احمد ولد الله ڏنو، محمد صالح ولد عبدالڪريم، علي نواز ولد غلام قادر، شير محمد ولد الهه بخش، عبدالغفور ولد محمد سليمان.
اعلان
حيدرآباد (ڪاوش رپورٽ) امتحانن جا نتيجا جاري ڪيا ويا آهن. ڪامياب اميدوارن جا نالا: محمد علي ولد عبدالله، غلام رسول ولد محمد بخش، عبدالرحيم ولد غلام حسين، نذير احمد ولد الله ڏنو، محمد صالح ولد عبدالڪريم، علي نواز ولد غلام قادر، شير محمد ولد الهه بخش، عبدالغفور ولد محمد سليمان.
حيدرآباد (ڪاوش رپورٽ) امتحانن جا نتيجا جاري ڪيا ويا آهن. ڪامياب اميدوارن جا نالا: محمد علي ولد عبدالله، غلام رسول ولد محمد بخش، عبدالرحيم ولد غلام حسين، نذير احمد ولد الله ڏنو، محمد صالح ولد عبدالڪريم، علي نواز ولد غلام قادر، شير محمد ولد الهه بخش، عبدالغفور ولد محمد سليمان.
اطلاع
حيدرآباد (ڪاوش رپورٽ) امتحانن جا نتيجا جاري ڪيا ويا آهن. ڪامياب اميدوارن جا نالا: محمد علي ولد عبدالله، غلام رسول ولد محمد بخش، عبدالرحيم ولد غلام حسين، نذير احمد ولد الله ڏنو، محمد صالح ولد عبدالڪريم، علي نواز ولد غلام قادر، شير محمد ولد الهه بخش، عبدالغفور ولد محمد سليمان.
حيدرآباد (ڪاوش رپورٽ) امتحانن جا نتيجا جاري ڪيا ويا آهن. ڪامياب اميدوارن جا نالا: محمد علي ولد عبدالله، غلام رسول ولد محمد بخش، عبدالرحيم ولد غلام حسين، نذير احمد ولد الله ڏنو، محمد صالح ولد عبدالڪريم، علي نواز ولد غلام قادر، شير محمد ولد الهه بخش، عبدالغفور ولد محمد سليمان.
حيدرآباد (ڪاوش رپورٽ) امتحانن جا نتيجا جاري ڪيا ويا آهن. ڪامياب اميدوارن جا نالا: محمد علي ولد عبدالله، غلام رسول ولد محمد بخش، عبدالرحيم ولد غلام حسين، نذير احمد ولد الله ڏنو، محمد صالح ولد عبدالڪريم، علي نواز ولد غلام قادر، شير محمد ولد الهه بخش، عبدالغفور ولد محمد سليمان.
ڳجهارتن جا جواب
(1) پلوپاڻي (2) اک (3) ماکا (4) تاريخ (5) پيالي (6) موري (7) پکي جا پر
ٽيليفون
ٿرپارڪر (ڪاوش نيوز) ضلعي ۾ پاڻي جي کوٽ سبب ماڻهو ۽ مال سخت مشڪلاتن جو شڪار آهن. ڳوٺاڻن ٻڌايو ته کوهن جو پاڻي سڪي ويو آهي ۽ کين ڪيترا ميل پنڌ ڪري پاڻي آڻڻو پوي ٿو. سماجي تنظيمن حڪومت کان مطالبو ڪيو آهي ته علائقي ۾ فوري طور پاڻي جي فراهمي لاءِ انتظام ڪيا وڃن.
ٿرپارڪر (ڪاوش نيوز) ضلعي ۾ پاڻي جي کوٽ سبب ماڻهو ۽ مال سخت مشڪلاتن جو شڪار آهن. ڳوٺاڻن ٻڌايو ته کوهن جو پاڻي سڪي ويو آهي ۽ کين ڪيترا ميل پنڌ ڪري پاڻي آڻڻو پوي ٿو. سماجي تنظيمن حڪومت کان مطالبو ڪيو آهي ته علائقي ۾ فوري طور پاڻي جي فراهمي لاءِ انتظام ڪيا وڃن.
سکر (ڪاوش نيوز) شهر ۽ ڀرپاسي جي علائقن ۾ ڏاڍي سردي سبب ماڻهو گهرن ۾ محدود ٿي ويا آهن. سرديءَ سبب ٻارن ۽ پوڙهن ۾ بيماريون پکڙجي رهيون آهن. اسپتالن ۾ مريضن جو رش وڌي ويو آهي. ڊاڪٽرن شهرين کي احتياطي تدبيرون اختيار ڪرڻ جي صلاح ڏني آهي.
سکر (ڪاوش نيوز) شهر ۽ ڀرپاسي جي علائقن ۾ ڏاڍي سردي سبب ماڻهو گهرن ۾ محدود ٿي ويا آهن. سرديءَ سبب ٻارن ۽ پوڙهن ۾ بيماريون پکڙجي رهيون آهن. اسپتالن ۾ مريضن جو رش وڌي ويو آهي. ڊاڪٽرن شهرين کي احتياطي تدبيرون اختيار ڪرڻ جي صلاح ڏني آهي.
تڪ ۽ مرڳي
سکر (ڪاوش نيوز) شهر ۽ ڀرپاسي جي علائقن ۾ ڏاڍي سردي سبب ماڻهو گهرن ۾ محدود ٿي ويا آهن. سرديءَ سبب ٻارن ۽ پوڙهن ۾ بيماريون پکڙجي رهيون آهن. اسپتالن ۾ مريضن جو رش وڌي ويو آهي. ڊاڪٽرن شهرين کي احتياطي تدبيرون اختيار ڪرڻ جي صلاح ڏني آهي.
ڪوڙا ڪارا
سکر (ڪاوش نيوز) شهر ۽ ڀرپاسي جي علائقن ۾ ڏاڍي سردي سبب ماڻهو گهرن ۾ محدود ٿي ويا آهن. سرديءَ سبب ٻارن ۽ پوڙهن ۾ بيماريون پکڙجي رهيون آهن. اسپتالن ۾ مريضن جو رش وڌي ويو آهي. ڊاڪٽرن شهرين کي احتياطي تدبيرون اختيار ڪرڻ جي صلاح ڏني آهي.
سکر (ڪاوش نيوز) شهر ۽ ڀرپاسي جي علائقن ۾ ڏاڍي سردي سبب ماڻهو گهرن ۾ محدود ٿي ويا آهن. سرديءَ سبب ٻارن ۽ پوڙهن ۾ بيماريون پکڙجي رهيون آهن. اسپتالن ۾ مريضن جو رش وڌي ويو آهي. ڊاڪٽرن شهرين کي احتياطي تدبيرون اختيار ڪرڻ جي صلاح ڏني آهي.
رنگ پور
سکر (ڪاوش نيوز) شهر ۽ ڀرپاسي جي علائقن ۾ ڏاڍي سردي سبب ماڻهو گهرن ۾ محدود ٿي ويا آهن. سرديءَ سبب ٻارن ۽ پوڙهن ۾ بيماريون پکڙجي رهيون آهن. اسپتالن ۾ مريضن جو رش وڌي ويو آهي. ڊاڪٽرن شهرين کي احتياطي تدبيرون اختيار ڪرڻ جي صلاح ڏني آهي.
ٿرپارڪر (ڪاوش نيوز) ضلعي ۾ پاڻي جي کوٽ سبب ماڻهو ۽ مال سخت مشڪلاتن جو شڪار آهن. ڳوٺاڻن ٻڌايو ته کوهن جو پاڻي سڪي ويو آهي ۽ کين ڪيترا ميل پنڌ ڪري پاڻي آڻڻو پوي ٿو. سماجي تنظيمن حڪومت کان مطالبو ڪيو آهي ته علائقي ۾ فوري طور پاڻي جي فراهمي لاءِ انتظام ڪيا وڃن.
پٿر
ٿرپارڪر (ڪاوش نيوز) ضلعي ۾ پاڻي جي کوٽ سبب ماڻهو ۽ مال سخت مشڪلاتن جو شڪار آهن. ڳوٺاڻن ٻڌايو ته کوهن جو پاڻي سڪي ويو آهي ۽ کين ڪيترا ميل پنڌ ڪري پاڻي آڻڻو پوي ٿو. سماجي تنظيمن حڪومت کان مطالبو ڪيو آهي ته علائقي ۾ فوري طور پاڻي جي فراهمي لاءِ انتظام ڪيا وڃن.
مهرڻ
ٿرپارڪر (ڪاوش نيوز) ضلعي ۾ پاڻي جي کوٽ سبب ماڻهو ۽ مال سخت مشڪلاتن جو شڪار آهن. ڳوٺاڻن ٻڌايو ته کوهن جو پاڻي سڪي ويو آهي ۽ کين ڪيترا ميل پنڌ ڪري پاڻي آڻڻو پوي ٿو. سماجي تنظيمن حڪومت کان مطالبو ڪيو آهي ته علائقي ۾ فوري طور پاڻي جي فراهمي لاءِ انتظام ڪيا وڃن.
اطلاع
ٿرپارڪر (ڪاوش نيوز) ضلعي ۾ پاڻي جي کوٽ سبب ماڻهو ۽ مال سخت مشڪلاتن جو شڪار آهن. ڳوٺاڻن ٻڌايو ته کوهن جو پاڻي سڪي ويو آهي ۽ کين ڪيترا ميل پنڌ ڪري پاڻي آڻڻو پوي ٿو. سماجي تنظيمن حڪومت کان مطالبو ڪيو آهي ته علائقي ۾ فوري طور پاڻي جي فراهمي لاءِ انتظام ڪيا وڃن.
